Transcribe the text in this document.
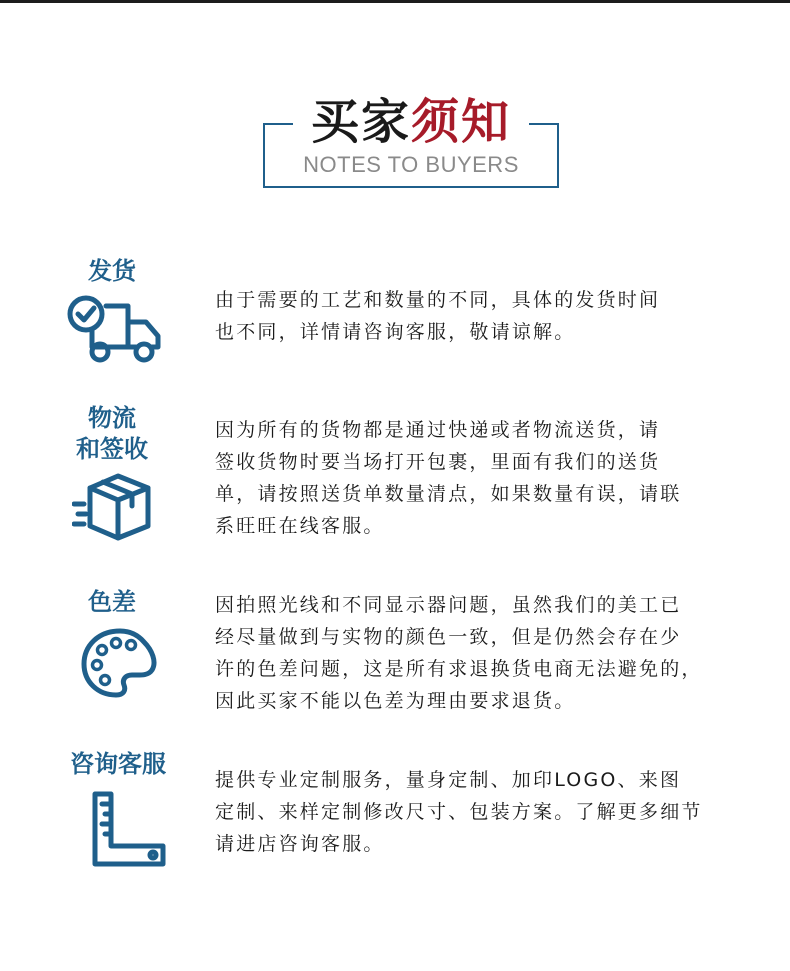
买家须知
NOTES TO BUYERS
发货
由于需要的工艺和数量的不同，具体的发货时间
也不同，详情请咨询客服，敬请谅解。
物流
和签收
因为所有的货物都是通过快递或者物流送货，请
签收货物时要当场打开包裹，里面有我们的送货
单，请按照送货单数量清点，如果数量有误，请联
系旺旺在线客服。
色差	因拍照光线和不同显示器问题，虽然我们的美工已
经尽量做到与实物的颜色一致，但是仍然会存在少
许的色差问题，这是所有求退换货电商无法避免的，
因此买家不能以色差为理由要求退货。
咨询客服
提供专业定制服务，量身定制、加印LOGO、来图
定制、来样定制修改尺寸、包装方案。了解更多细节
请进店咨询客服。
